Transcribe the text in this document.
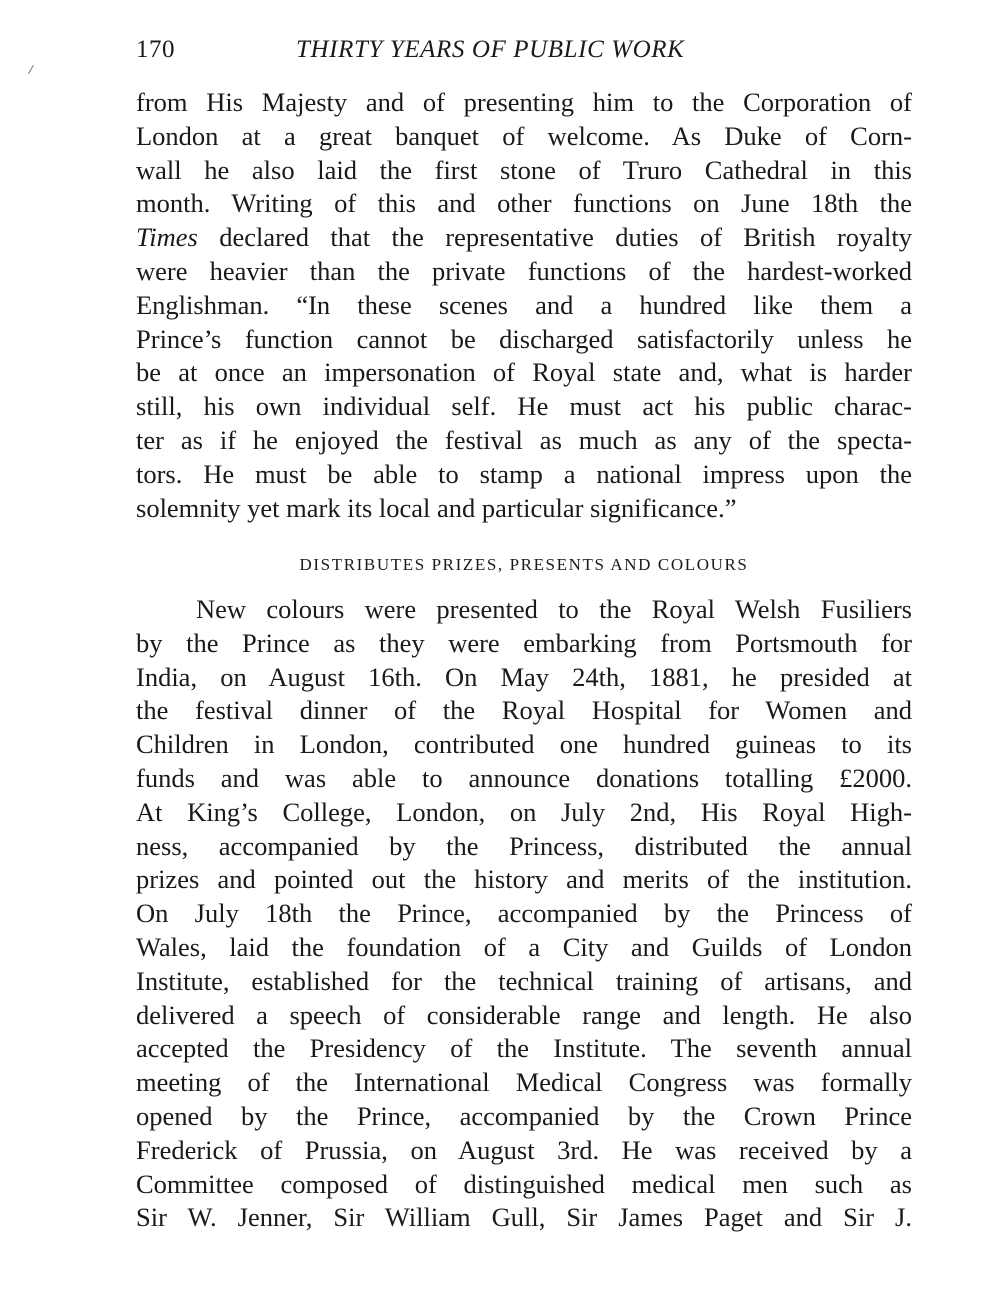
170	THIRTY YEARS OF PUBLIC WORK
from His Majesty and of presenting him to the Corporation of
London at a great banquet of welcome. As Duke of Corn-
wall he also laid the first stone of Truro Cathedral in this
month. Writing of this and other functions on June 18th the
Times declared that the representative duties of British royalty
were heavier than the private functions of the hardest-worked
Englishman. “In these scenes and a hundred like them a
Prince’s function cannot be discharged satisfactorily unless he
be at once an impersonation of Royal state and, what is harder
still, his own individual self. He must act his public charac-
ter as if he enjoyed the festival as much as any of the specta-
tors. He must be able to stamp a national impress upon the
solemnity yet mark its local and particular significance.”
DISTRIBUTES PRIZES, PRESENTS AND COLOURS
New colours were presented to the Royal Welsh Fusiliers
by the Prince as they were embarking from Portsmouth for
India, on August 16th. On May 24th, 1881, he presided at
the festival dinner of the Royal Hospital for Women and
Children in London, contributed one hundred guineas to its
funds and was able to announce donations totalling £2000.
At King’s College, London, on July 2nd, His Royal High-
ness, accompanied by the Princess, distributed the annual
prizes and pointed out the history and merits of the institution.
On July 18th the Prince, accompanied by the Princess of
Wales, laid the foundation of a City and Guilds of London
Institute, established for the technical training of artisans, and
delivered a speech of considerable range and length. He also
accepted the Presidency of the Institute. The seventh annual
meeting of the International Medical Congress was formally
opened by the Prince, accompanied by the Crown Prince
Frederick of Prussia, on August 3rd. He was received by a
Committee composed of distinguished medical men such as
Sir W. Jenner, Sir William Gull, Sir James Paget and Sir J.
